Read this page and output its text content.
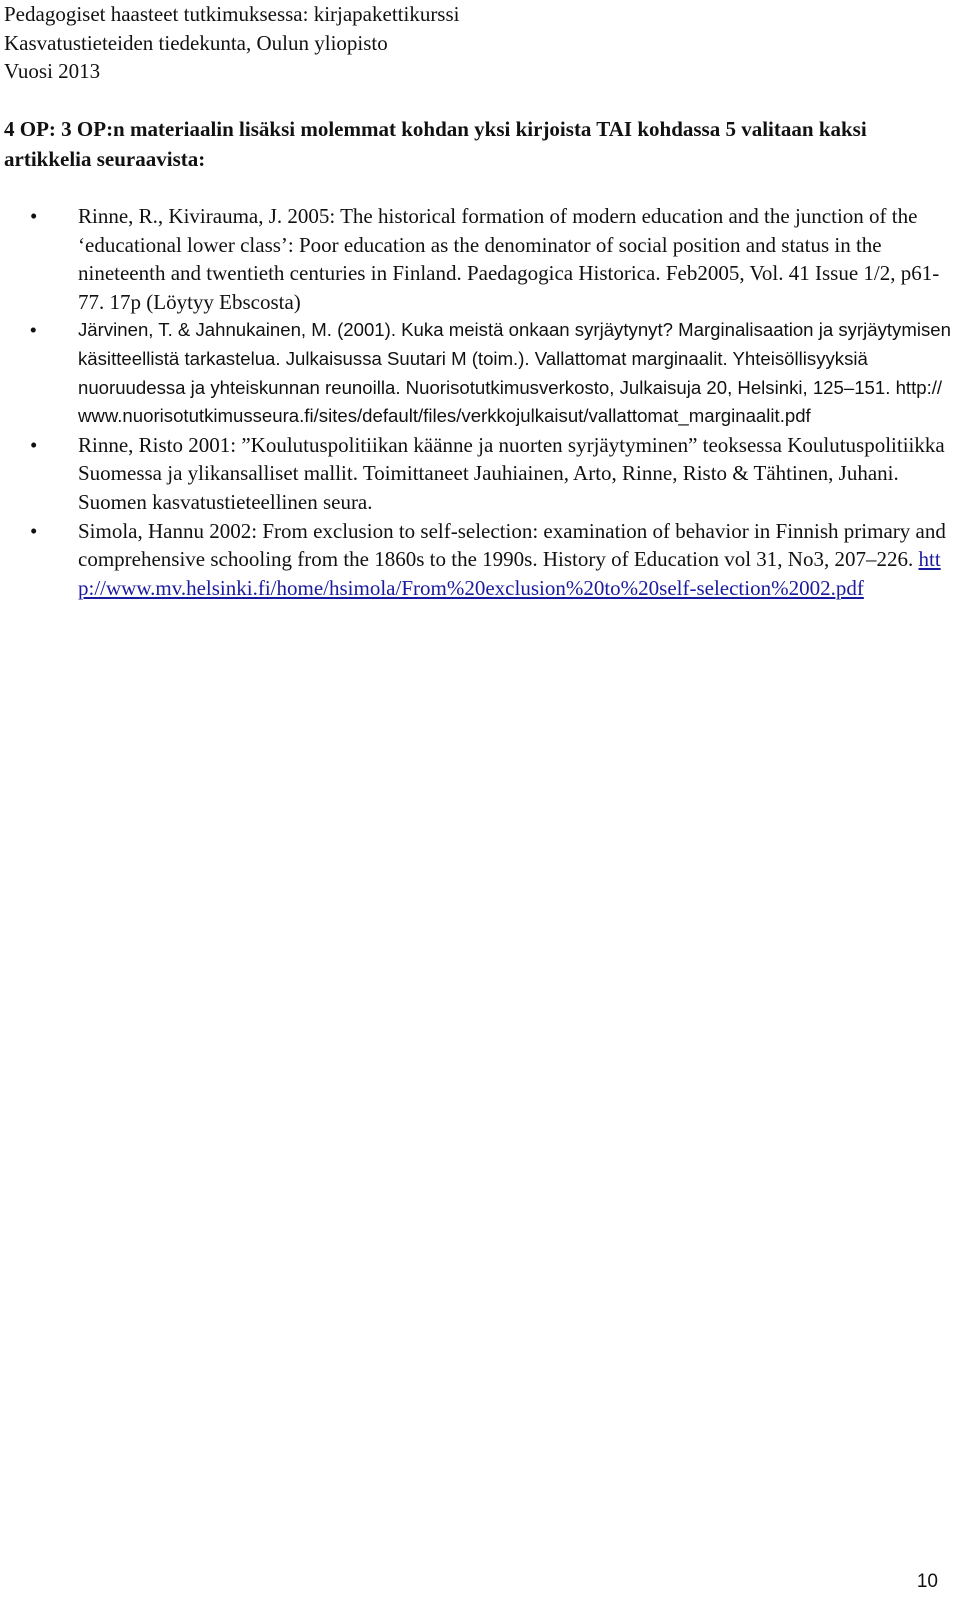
Pedagogiset haasteet tutkimuksessa: kirjapakettikurssi
Kasvatustieteiden tiedekunta, Oulun yliopisto
Vuosi 2013
4 OP: 3 OP:n materiaalin lisäksi molemmat kohdan yksi kirjoista TAI kohdassa 5 valitaan kaksi artikkelia seuraavista:
• Rinne, R., Kivirauma, J. 2005: The historical formation of modern education and the junction of the ‘educational lower class’: Poor education as the denominator of social position and status in the nineteenth and twentieth centuries in Finland. Paedagogica Historica. Feb2005, Vol. 41 Issue 1/2, p61-77. 17p (Löytyy Ebscosta)
• Järvinen, T. & Jahnukainen, M. (2001). Kuka meistä onkaan syrjäytynyt? Marginalisaation ja syrjäytymisen käsitteellistä tarkastelua. Julkaisussa Suutari M (toim.). Vallattomat marginaalit. Yhteisöllisyyksiä nuoruudessa ja yhteiskunnan reunoilla. Nuorisotutkimusverkosto, Julkaisuja 20, Helsinki, 125–151. http://www.nuorisotutkimusseura.fi/sites/default/files/verkkojulkaisut/vallattomat_marginaalit.pdf
• Rinne, Risto 2001: ”Koulutuspolitiikan käänne ja nuorten syrjäytyminen” teoksessa Koulutuspolitiikka Suomessa ja ylikansalliset mallit. Toimittaneet Jauhiainen, Arto, Rinne, Risto & Tähtinen, Juhani. Suomen kasvatustieteellinen seura.
• Simola, Hannu 2002: From exclusion to self-selection: examination of behavior in Finnish primary and comprehensive schooling from the 1860s to the 1990s. History of Education vol 31, No3, 207–226. http://www.mv.helsinki.fi/home/hsimola/From%20exclusion%20to%20self-selection%2002.pdf
10
